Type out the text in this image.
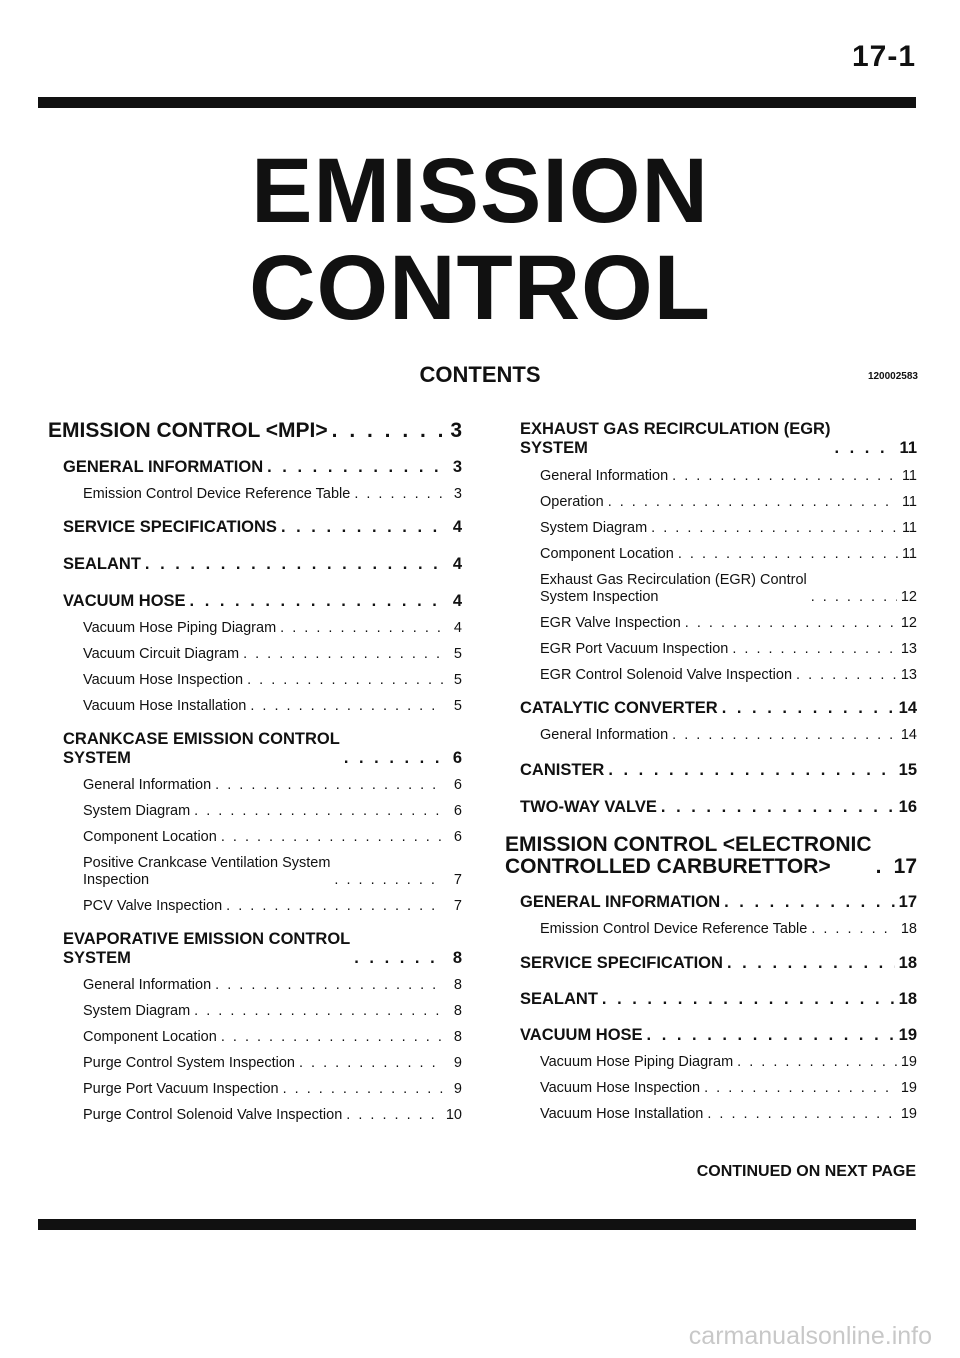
17-1
EMISSION
CONTROL
CONTENTS	120002583
EMISSION CONTROL <MPI> . . .	3
GENERAL INFORMATION . . .	3
Emission Control Device Reference Table . . .	3
SERVICE SPECIFICATIONS . . .	4
SEALANT . . .	4
VACUUM HOSE . . .	4
Vacuum Hose Piping Diagram . . .	4
Vacuum Circuit Diagram . . .	5
Vacuum Hose Inspection . . .	5
Vacuum Hose Installation . . .	5
CRANKCASE EMISSION CONTROL
SYSTEM . . .	6
General Information . . .	6
System Diagram . . .	6
Component Location . . .	6
Positive Crankcase Ventilation System
Inspection . . .	7
PCV Valve Inspection . . .	7
EVAPORATIVE EMISSION CONTROL
SYSTEM . . .	8
General Information . . .	8
System Diagram . . .	8
Component Location . . .	8
Purge Control System Inspection . . .	9
Purge Port Vacuum Inspection . . .	9
Purge Control Solenoid Valve Inspection . . .	10
EXHAUST GAS RECIRCULATION (EGR)
SYSTEM . . .	11
General Information . . .	11
Operation . . .	11
System Diagram . . .	11
Component Location . . .	11
Exhaust Gas Recirculation (EGR) Control
System Inspection . . .	12
EGR Valve Inspection . . .	12
EGR Port Vacuum Inspection . . .	13
EGR Control Solenoid Valve Inspection . . .	13
CATALYTIC CONVERTER . . .	14
General Information . . .	14
CANISTER . . .	15
TWO-WAY VALVE . . .	16
EMISSION CONTROL <ELECTRONIC
CONTROLLED CARBURETTOR> . . .	17
GENERAL INFORMATION . . .	17
Emission Control Device Reference Table . . .	18
SERVICE SPECIFICATION . . .	18
SEALANT . . .	18
VACUUM HOSE . . .	19
Vacuum Hose Piping Diagram . . .	19
Vacuum Hose Inspection . . .	19
Vacuum Hose Installation . . .	19
CONTINUED ON NEXT PAGE
carmanualsonline.info
